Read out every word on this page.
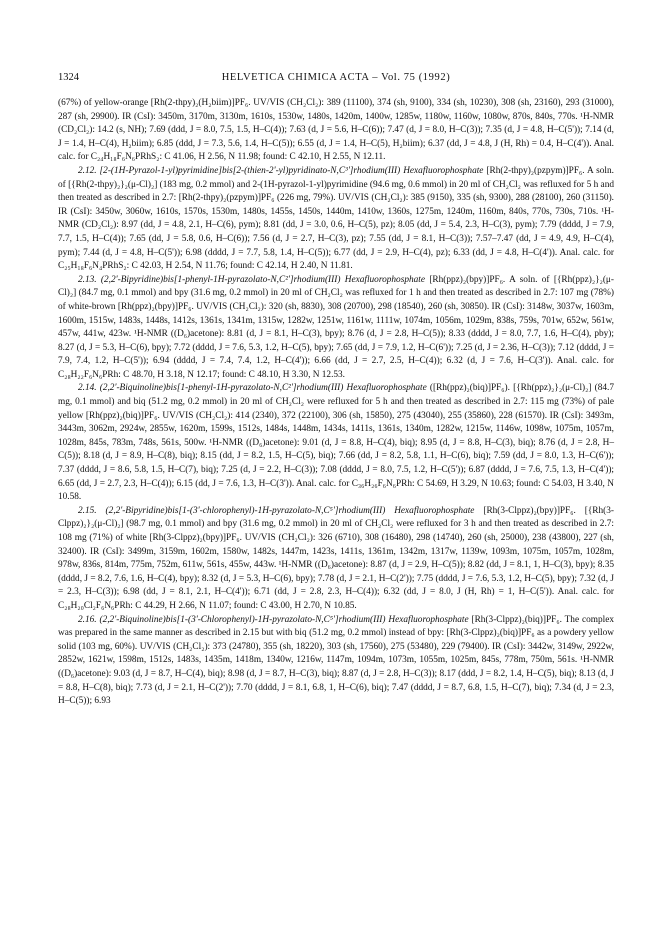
1324	HELVETICA CHIMICA ACTA – Vol. 75 (1992)

(67%) of yellow-orange [Rh(2-thpy)₂(H₂biim)]PF₆. UV/VIS (CH₂Cl₂): 389 (11100), 374 (sh, 9100), 334 (sh, 10230), 308 (sh, 23160), 293 (31000), 287 (sh, 29900). IR (CsI): 3450m, 3170m, 3130m, 1610s, 1530w, 1480s, 1420m, 1400w, 1285w, 1180w, 1160w, 1080w, 870s, 840s, 770s. ¹H-NMR (CD₂Cl₂): 14.2 (s, NH); 7.69 (ddd, J = 8.0, 7.5, 1.5, H–C(4)); 7.63 (d, J = 5.6, H–C(6)); 7.47 (d, J = 8.0, H–C(3)); 7.35 (d, J = 4.8, H–C(5')); 7.14 (d, J = 1.4, H–C(4), H₂biim); 6.85 (ddd, J = 7.3, 5.6, 1.4, H–C(5)); 6.55 (d, J = 1.4, H–C(5), H₂biim); 6.37 (dd, J = 4.8, J (H, Rh) = 0.4, H–C(4')). Anal. calc. for C₂₄H₁₈F₆N₆PRhS₂: C 41.06, H 2.56, N 11.98; found: C 42.10, H 2.55, N 12.11.

2.12. [2-(1H-Pyrazol-1-yl)pyrimidine]bis[2-(thien-2'-yl)pyridinato-N,C³']rhodium(III) Hexafluorophosphate [Rh(2-thpy)₂(pzpym)]PF₆. A soln. of [{Rh(2-thpy)₂}₂(μ-Cl)₂] (183 mg, 0.2 mmol) and 2-(1H-pyrazol-1-yl)pyrimidine (94.6 mg, 0.6 mmol) in 20 ml of CH₂Cl₂ was refluxed for 5 h and then treated as described in 2.7: [Rh(2-thpy)₂(pzpym)]PF₆ (226 mg, 79%). UV/VIS (CH₂Cl₂): 385 (9150), 335 (sh, 9300), 288 (28100), 260 (31150). IR (CsI): 3450w, 3060w, 1610s, 1570s, 1530m, 1480s, 1455s, 1450s, 1440m, 1410w, 1360s, 1275m, 1240m, 1160m, 840s, 770s, 730s, 710s. ¹H-NMR (CD₂Cl₂): 8.97 (dd, J = 4.8, 2.1, H–C(6), pym); 8.81 (dd, J = 3.0, 0.6, H–C(5), pz); 8.05 (dd, J = 5.4, 2.3, H–C(3), pym); 7.79 (dddd, J = 7.9, 7.7, 1.5, H–C(4)); 7.65 (dd, J = 5.8, 0.6, H–C(6)); 7.56 (d, J = 2.7, H–C(3), pz); 7.55 (dd, J = 8.1, H–C(3)); 7.57–7.47 (dd, J = 4.9, 4.9, H–C(4), pym); 7.44 (d, J = 4.8, H–C(5')); 6.98 (dddd, J = 7.7, 5.8, 1.4, H–C(5)); 6.77 (dd, J = 2.9, H–C(4), pz); 6.33 (dd, J = 4.8, H–C(4')). Anal. calc. for C₂₅H₁₈F₆N₄PRhS₂: C 42.03, H 2.54, N 11.76; found: C 42.14, H 2.40, N 11.81.

2.13. (2,2'-Bipyridine)bis[1-phenyl-1H-pyrazolato-N,C²']rhodium(III) Hexafluorophosphate [Rh(ppz)₂(bpy)]PF₆. A soln. of [{Rh(ppz)₂}₂(μ-Cl)₂] (84.7 mg, 0.1 mmol) and bpy (31.6 mg, 0.2 mmol) in 20 ml of CH₂Cl₂ was refluxed for 1 h and then treated as described in 2.7: 107 mg (78%) of white-brown [Rh(ppz)₂(bpy)]PF₆. UV/VIS (CH₂Cl₂): 320 (sh, 8830), 308 (20700), 298 (18540), 260 (sh, 30850). IR (CsI): 3148w, 3037w, 1603m, 1600m, 1515w, 1483s, 1448s, 1412s, 1361s, 1341m, 1315w, 1282w, 1251w, 1161w, 1111w, 1074m, 1056m, 1029m, 838s, 759s, 701w, 652w, 561w, 457w, 441w, 423w. ¹H-NMR ((D₆)acetone): 8.81 (d, J = 8.1, H–C(3), bpy); 8.76 (d, J = 2.8, H–C(5)); 8.33 (dddd, J = 8.0, 7.7, 1.6, H–C(4), pby); 8.27 (d, J = 5.3, H–C(6), bpy); 7.72 (dddd, J = 7.6, 5.3, 1.2, H–C(5), bpy); 7.65 (dd, J = 7.9, 1.2, H–C(6')); 7.25 (d, J = 2.36, H–C(3)); 7.12 (dddd, J = 7.9, 7.4, 1.2, H–C(5')); 6.94 (dddd, J = 7.4, 7.4, 1.2, H–C(4')); 6.66 (dd, J = 2.7, 2.5, H–C(4)); 6.32 (d, J = 7.6, H–C(3')). Anal. calc. for C₂₈H₂₂F₆N₆PRh: C 48.70, H 3.18, N 12.17; found: C 48.10, H 3.30, N 12.53.

2.14. (2,2'-Biquinoline)bis[1-phenyl-1H-pyrazolato-N,C²']rhodium(III) Hexafluorophosphate ([Rh(ppz)₂(biq)]PF₆). [{Rh(ppz)₂}₂(μ-Cl)₂] (84.7 mg, 0.1 mmol) and biq (51.2 mg, 0.2 mmol) in 20 ml of CH₂Cl₂ were refluxed for 5 h and then treated as described in 2.7: 115 mg (73%) of pale yellow [Rh(ppz)₂(biq)]PF₆. UV/VIS (CH₂Cl₂): 414 (2340), 372 (22100), 306 (sh, 15850), 275 (43040), 255 (35860), 228 (61570). IR (CsI): 3493m, 3443m, 3062m, 2924w, 2855w, 1620m, 1599s, 1512s, 1484s, 1448m, 1434s, 1411s, 1361s, 1340m, 1282w, 1215w, 1146w, 1098w, 1075m, 1057m, 1028m, 845s, 783m, 748s, 561s, 500w. ¹H-NMR ((D₆)acetone): 9.01 (d, J = 8.8, H–C(4), biq); 8.95 (d, J = 8.8, H–C(3), biq); 8.76 (d, J = 2.8, H–C(5)); 8.18 (d, J = 8.9, H–C(8), biq); 8.15 (dd, J = 8.2, 1.5, H–C(5), biq); 7.66 (dd, J = 8.2, 5.8, 1.1, H–C(6), biq); 7.59 (dd, J = 8.0, 1.3, H–C(6')); 7.37 (dddd, J = 8.6, 5.8, 1.5, H–C(7), biq); 7.25 (d, J = 2.2, H–C(3)); 7.08 (dddd, J = 8.0, 7.5, 1.2, H–C(5')); 6.87 (dddd, J = 7.6, 7.5, 1.3, H–C(4')); 6.65 (dd, J = 2.7, 2.3, H–C(4)); 6.15 (dd, J = 7.6, 1.3, H–C(3')). Anal. calc. for C₃₆H₂₆F₆N₆PRh: C 54.69, H 3.29, N 10.63; found: C 54.03, H 3.40, N 10.58.

2.15. (2,2'-Bipyridine)bis[1-(3'-chlorophenyl)-1H-pyrazolato-N,C⁵']rhodium(III) Hexafluorophosphate [Rh(3-Clppz)₂(bpy)]PF₆. [{Rh(3-Clppz)₂}₂(μ-Cl)₂] (98.7 mg, 0.1 mmol) and bpy (31.6 mg, 0.2 mmol) in 20 ml of CH₂Cl₂ were refluxed for 3 h and then treated as described in 2.7: 108 mg (71%) of white [Rh(3-Clppz)₂(bpy)]PF₆. UV/VIS (CH₂Cl₂): 326 (6710), 308 (16480), 298 (14740), 260 (sh, 25000), 238 (43800), 227 (sh, 32400). IR (CsI): 3499m, 3159m, 1602m, 1580w, 1482s, 1447m, 1423s, 1411s, 1361m, 1342m, 1317w, 1139w, 1093m, 1075m, 1057m, 1028m, 978w, 836s, 814m, 775m, 752m, 611w, 561s, 455w, 443w. ¹H-NMR ((D₆)acetone): 8.87 (d, J = 2.9, H–C(5)); 8.82 (dd, J = 8.1, 1, H–C(3), bpy); 8.35 (dddd, J = 8.2, 7.6, 1.6, H–C(4), bpy); 8.32 (d, J = 5.3, H–C(6), bpy); 7.78 (d, J = 2.1, H–C(2')); 7.75 (dddd, J = 7.6, 5.3, 1.2, H–C(5), bpy); 7.32 (d, J = 2.3, H–C(3)); 6.98 (dd, J = 8.1, 2.1, H–C(4')); 6.71 (dd, J = 2.8, 2.3, H–C(4)); 6.32 (dd, J = 8.0, J (H, Rh) = 1, H–C(5')). Anal. calc. for C₂₈H₂₀Cl₂F₆N₆PRh: C 44.29, H 2.66, N 11.07; found: C 43.00, H 2.70, N 10.85.

2.16. (2,2'-Biquinoline)bis[1-(3'-Chlorophenyl)-1H-pyrazolato-N,C⁵']rhodium(III) Hexafluorophosphate [Rh(3-Clppz)₂(biq)]PF₆. The complex was prepared in the same manner as described in 2.15 but with biq (51.2 mg, 0.2 mmol) instead of bpy: [Rh(3-Clppz)₂(biq)]PF₆ as a powdery yellow solid (103 mg, 60%). UV/VIS (CH₂Cl₂): 373 (24780), 355 (sh, 18220), 303 (sh, 17560), 275 (53480), 229 (79400). IR (CsI): 3442w, 3149w, 2922w, 2852w, 1621w, 1598m, 1512s, 1483s, 1435m, 1418m, 1340w, 1216w, 1147m, 1094m, 1073m, 1055m, 1025m, 845s, 778m, 750m, 561s. ¹H-NMR ((D₆)acetone): 9.03 (d, J = 8.7, H–C(4), biq); 8.98 (d, J = 8.7, H–C(3), biq); 8.87 (d, J = 2.8, H–C(3)); 8.17 (ddd, J = 8.2, 1.4, H–C(5), biq); 8.13 (d, J = 8.8, H–C(8), biq); 7.73 (d, J = 2.1, H–C(2')); 7.70 (dddd, J = 8.1, 6.8, 1, H–C(6), biq); 7.47 (dddd, J = 8.7, 6.8, 1.5, H–C(7), biq); 7.34 (d, J = 2.3, H–C(5)); 6.93
